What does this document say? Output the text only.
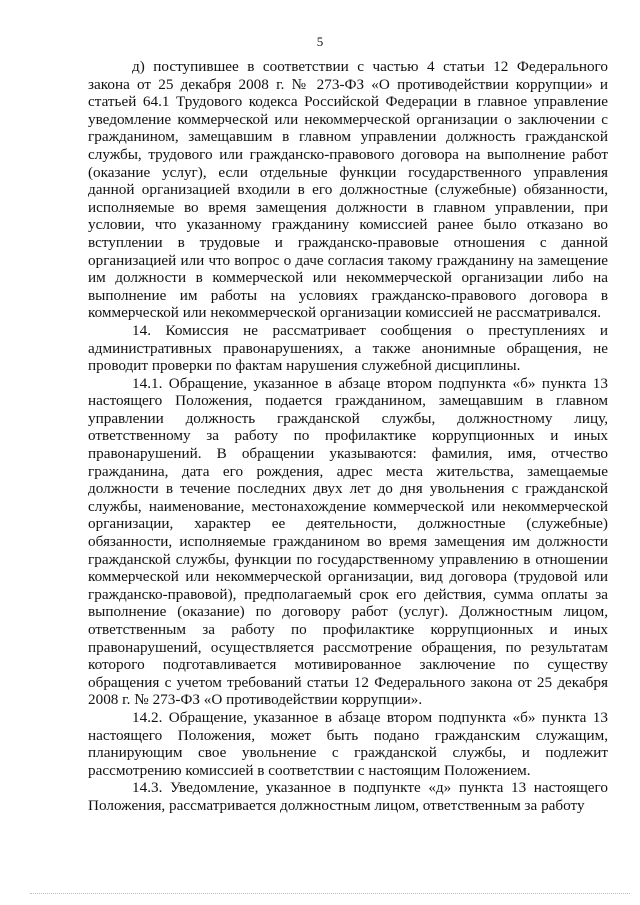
5

д) поступившее в соответствии с частью 4 статьи 12 Федерального закона от 25 декабря 2008 г. № 273-ФЗ «О противодействии коррупции» и статьей 64.1 Трудового кодекса Российской Федерации в главное управление уведомление коммерческой или некоммерческой организации о заключении с гражданином, замещавшим в главном управлении должность гражданской службы, трудового или гражданско-правового договора на выполнение работ (оказание услуг), если отдельные функции государственного управления данной организацией входили в его должностные (служебные) обязанности, исполняемые во время замещения должности в главном управлении, при условии, что указанному гражданину комиссией ранее было отказано во вступлении в трудовые и гражданско-правовые отношения с данной организацией или что вопрос о даче согласия такому гражданину на замещение им должности в коммерческой или некоммерческой организации либо на выполнение им работы на условиях гражданско-правового договора в коммерческой или некоммерческой организации комиссией не рассматривался.

14. Комиссия не рассматривает сообщения о преступлениях и административных правонарушениях, а также анонимные обращения, не проводит проверки по фактам нарушения служебной дисциплины.

14.1. Обращение, указанное в абзаце втором подпункта «б» пункта 13 настоящего Положения, подается гражданином, замещавшим в главном управлении должность гражданской службы, должностному лицу, ответственному за работу по профилактике коррупционных и иных правонарушений. В обращении указываются: фамилия, имя, отчество гражданина, дата его рождения, адрес места жительства, замещаемые должности в течение последних двух лет до дня увольнения с гражданской службы, наименование, местонахождение коммерческой или некоммерческой организации, характер ее деятельности, должностные (служебные) обязанности, исполняемые гражданином во время замещения им должности гражданской службы, функции по государственному управлению в отношении коммерческой или некоммерческой организации, вид договора (трудовой или гражданско-правовой), предполагаемый срок его действия, сумма оплаты за выполнение (оказание) по договору работ (услуг). Должностным лицом, ответственным за работу по профилактике коррупционных и иных правонарушений, осуществляется рассмотрение обращения, по результатам которого подготавливается мотивированное заключение по существу обращения с учетом требований статьи 12 Федерального закона от 25 декабря 2008 г. № 273-ФЗ «О противодействии коррупции».

14.2. Обращение, указанное в абзаце втором подпункта «б» пункта 13 настоящего Положения, может быть подано гражданским служащим, планирующим свое увольнение с гражданской службы, и подлежит рассмотрению комиссией в соответствии с настоящим Положением.

14.3. Уведомление, указанное в подпункте «д» пункта 13 настоящего Положения, рассматривается должностным лицом, ответственным за работу
